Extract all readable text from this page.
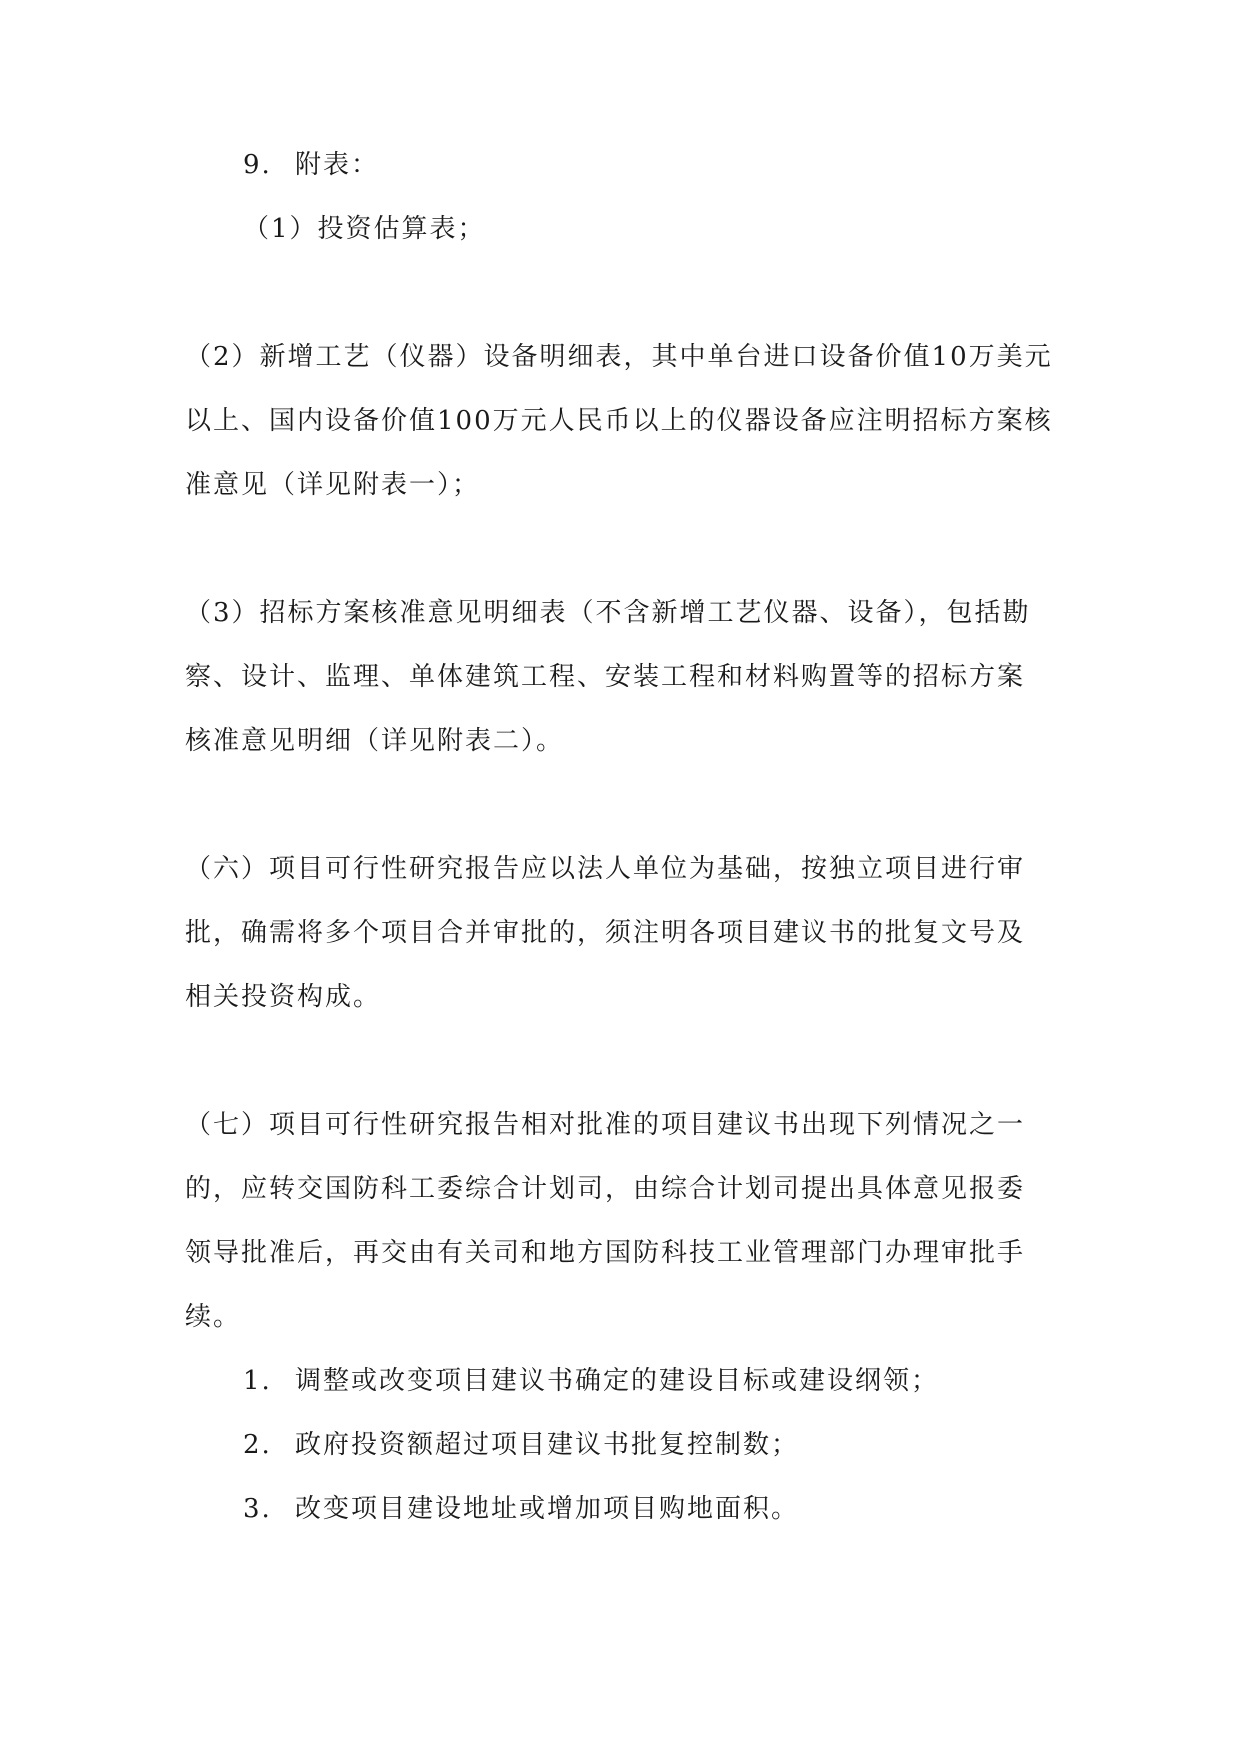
9. 附表：
（1）投资估算表；
（2）新增工艺（仪器）设备明细表，其中单台进口设备价值10万美元
以上、国内设备价值100万元人民币以上的仪器设备应注明招标方案核
准意见（详见附表一）；
（3）招标方案核准意见明细表（不含新增工艺仪器、设备），包括勘
察、设计、监理、单体建筑工程、安装工程和材料购置等的招标方案
核准意见明细（详见附表二）。
（六）项目可行性研究报告应以法人单位为基础，按独立项目进行审
批，确需将多个项目合并审批的，须注明各项目建议书的批复文号及
相关投资构成。
（七）项目可行性研究报告相对批准的项目建议书出现下列情况之一
的，应转交国防科工委综合计划司，由综合计划司提出具体意见报委
领导批准后，再交由有关司和地方国防科技工业管理部门办理审批手
续。
1. 调整或改变项目建议书确定的建设目标或建设纲领；
2. 政府投资额超过项目建议书批复控制数；
3. 改变项目建设地址或增加项目购地面积。
